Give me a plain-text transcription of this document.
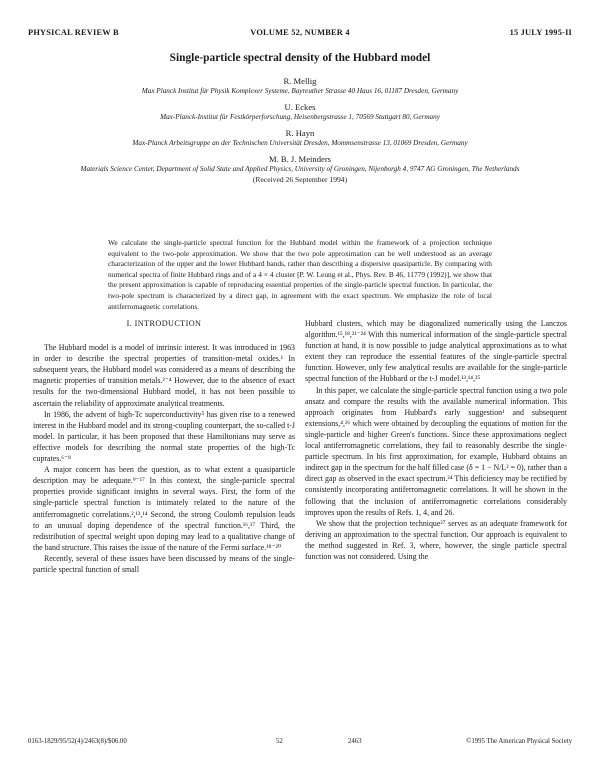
PHYSICAL REVIEW B	VOLUME 52, NUMBER 4	15 JULY 1995-II
Single-particle spectral density of the Hubbard model
R. Mellig
Max Planck Institut für Physik Komplexer Systeme, Bayreuther Strasse 40 Haus 16, 01187 Dresden, Germany
U. Eckes
Max-Planck-Institut für Festkörperforschung, Heisenbergstrasse 1, 70569 Stuttgart 80, Germany
R. Hayn
Max-Planck Arbeitsgruppe an der Technischen Universität Dresden, Mommsenstrasse 13, 01069 Dresden, Germany
M. B. J. Meinders
Materials Science Center, Department of Solid State and Applied Physics, University of Groningen, Nijenborgh 4, 9747 AG Groningen, The Netherlands
(Received 26 September 1994)
We calculate the single-particle spectral function for the Hubbard model within the framework of a projection technique equivalent to the two-pole approximation. We show that the two pole approximation can be well understood as an average characterization of the upper and the lower Hubbard bands, rather than describing a dispersive quasiparticle. By comparing with numerical spectra of finite Hubbard rings and of a 4 × 4 cluster [P. W. Leung et al., Phys. Rev. B 46, 11779 (1992)], we show that the present approximation is capable of reproducing essential properties of the single-particle spectral function. In particular, the two-pole spectrum is characterized by a direct gap, in agreement with the exact spectrum. We emphasize the role of local antiferromagnetic correlations.
I. INTRODUCTION

The Hubbard model is a model of intrinsic interest. It was introduced in 1963 in order to describe the spectral properties of transition-metal oxides.¹ In subsequent years, the Hubbard model was considered as a means of describing the magnetic properties of transition metals.²⁻⁴ However, due to the absence of exact results for the two-dimensional Hubbard model, it has not been possible to ascertain the reliability of approximate analytical treatments.

In 1986, the advent of high-Tc superconductivity⁵ has given rise to a renewed interest in the Hubbard model and its strong-coupling counterpart, the so-called t-J model. In particular, it has been proposed that these Hamiltonians may serve as effective models for describing the normal state properties of the high-Tc cuprates.⁶⁻⁸

A major concern has been the question, as to what extent a quasiparticle description may be adequate.⁹⁻¹⁷ In this context, the single-particle spectral properties provide significant insights in several ways. First, the form of the single-particle spectral function is intimately related to the nature of the antiferromagnetic correlations.²,¹³,¹⁴ Second, the strong Coulomb repulsion leads to an unusual doping dependence of the spectral function.¹⁶,¹⁷ Third, the redistribution of spectral weight upon doping may lead to a qualitative change of the band structure. This raises the issue of the nature of the Fermi surface.¹⁸⁻²⁰

Recently, several of these issues have been discussed by means of the single-particle spectral function of small

Hubbard clusters, which may be diagonalized numerically using the Lanczos algorithm.¹⁵,¹⁸,²¹⁻²⁴ With this numerical information of the single-particle spectral function at hand, it is now possible to judge analytical approximations as to what extent they can reproduce the essential features of the single-particle spectral function. However, only few analytical results are available for the single-particle spectral function of the Hubbard or the t-J model.¹³,¹⁴,²⁵

In this paper, we calculate the single-particle spectral function using a two pole ansatz and compare the results with the available numerical information. This approach originates from Hubbard's early suggestion¹ and subsequent extensions,⁴,²⁶ which were obtained by decoupling the equations of motion for the single-particle and higher Green's functions. Since these approximations neglect local antiferromagnetic correlations, they fail to reasonably describe the single-particle spectrum. In his first approximation, for example, Hubbard obtains an indirect gap in the spectrum for the half filled case (δ = 1 − N/L² = 0), rather than a direct gap as observed in the exact spectrum.²⁴ This deficiency may be rectified by consistently incorporating antiferromagnetic correlations. It will be shown in the following that the inclusion of antiferromagnetic correlations considerably improves upon the results of Refs. 1, 4, and 26.

We show that the projection technique²⁷ serves as an adequate framework for deriving an approximation to the spectral function. Our approach is equivalent to the method suggested in Ref. 3, where, however, the single particle spectral function was not considered. Using the

0163-1829/95/52(4)/2463(8)/$06.00	52	2463	©1995 The American Physical Society
